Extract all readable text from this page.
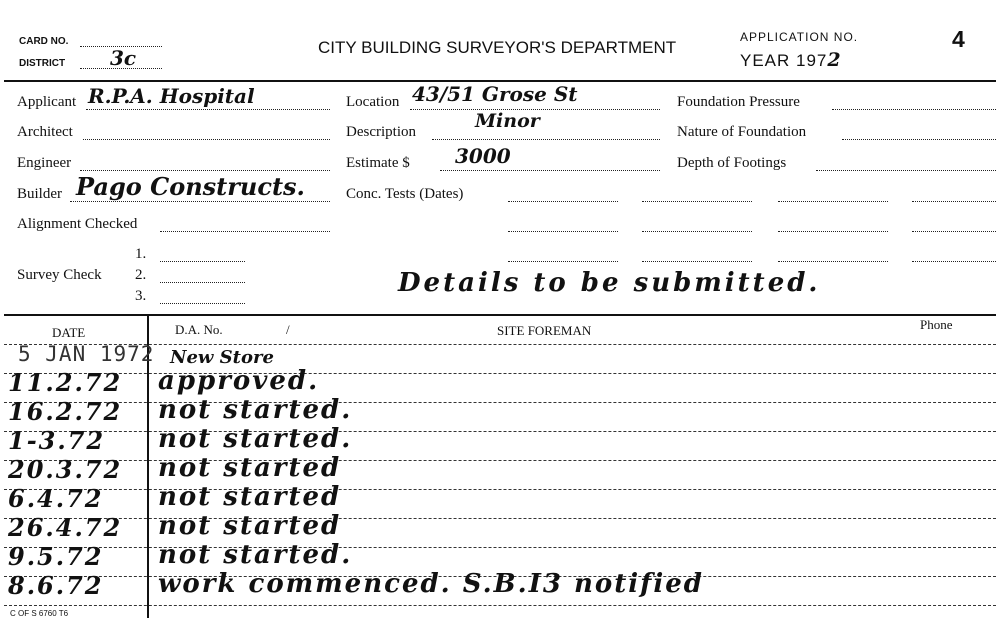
CARD NO.
DISTRICT 3c	CITY BUILDING SURVEYOR'S DEPARTMENT
APPLICATION NO.
YEAR 1972
4
Applicant R.P.A. Hospital
Architect
Engineer
Builder Pago Constructs.
Alignment Checked
Survey Check
1.
2.
3.
Location 43/51 Grose St
Description	Minor
Estimate $ 3000
Conc. Tests (Dates)
Foundation Pressure
Nature of Foundation
Depth of Footings
Details to be submitted.
DATE	D.A. No.	/	SITE FOREMAN	Phone
5 JAN 1972 New Store
11.2.72 approved.
16.2.72 not started.
1-3.72 not started.
20.3.72 not started
6.4.72 not started
26.4.72 not started
9.5.72 not started.
8.6.72 work commenced. S.B.I3 notified
C OF S 6760 T6
